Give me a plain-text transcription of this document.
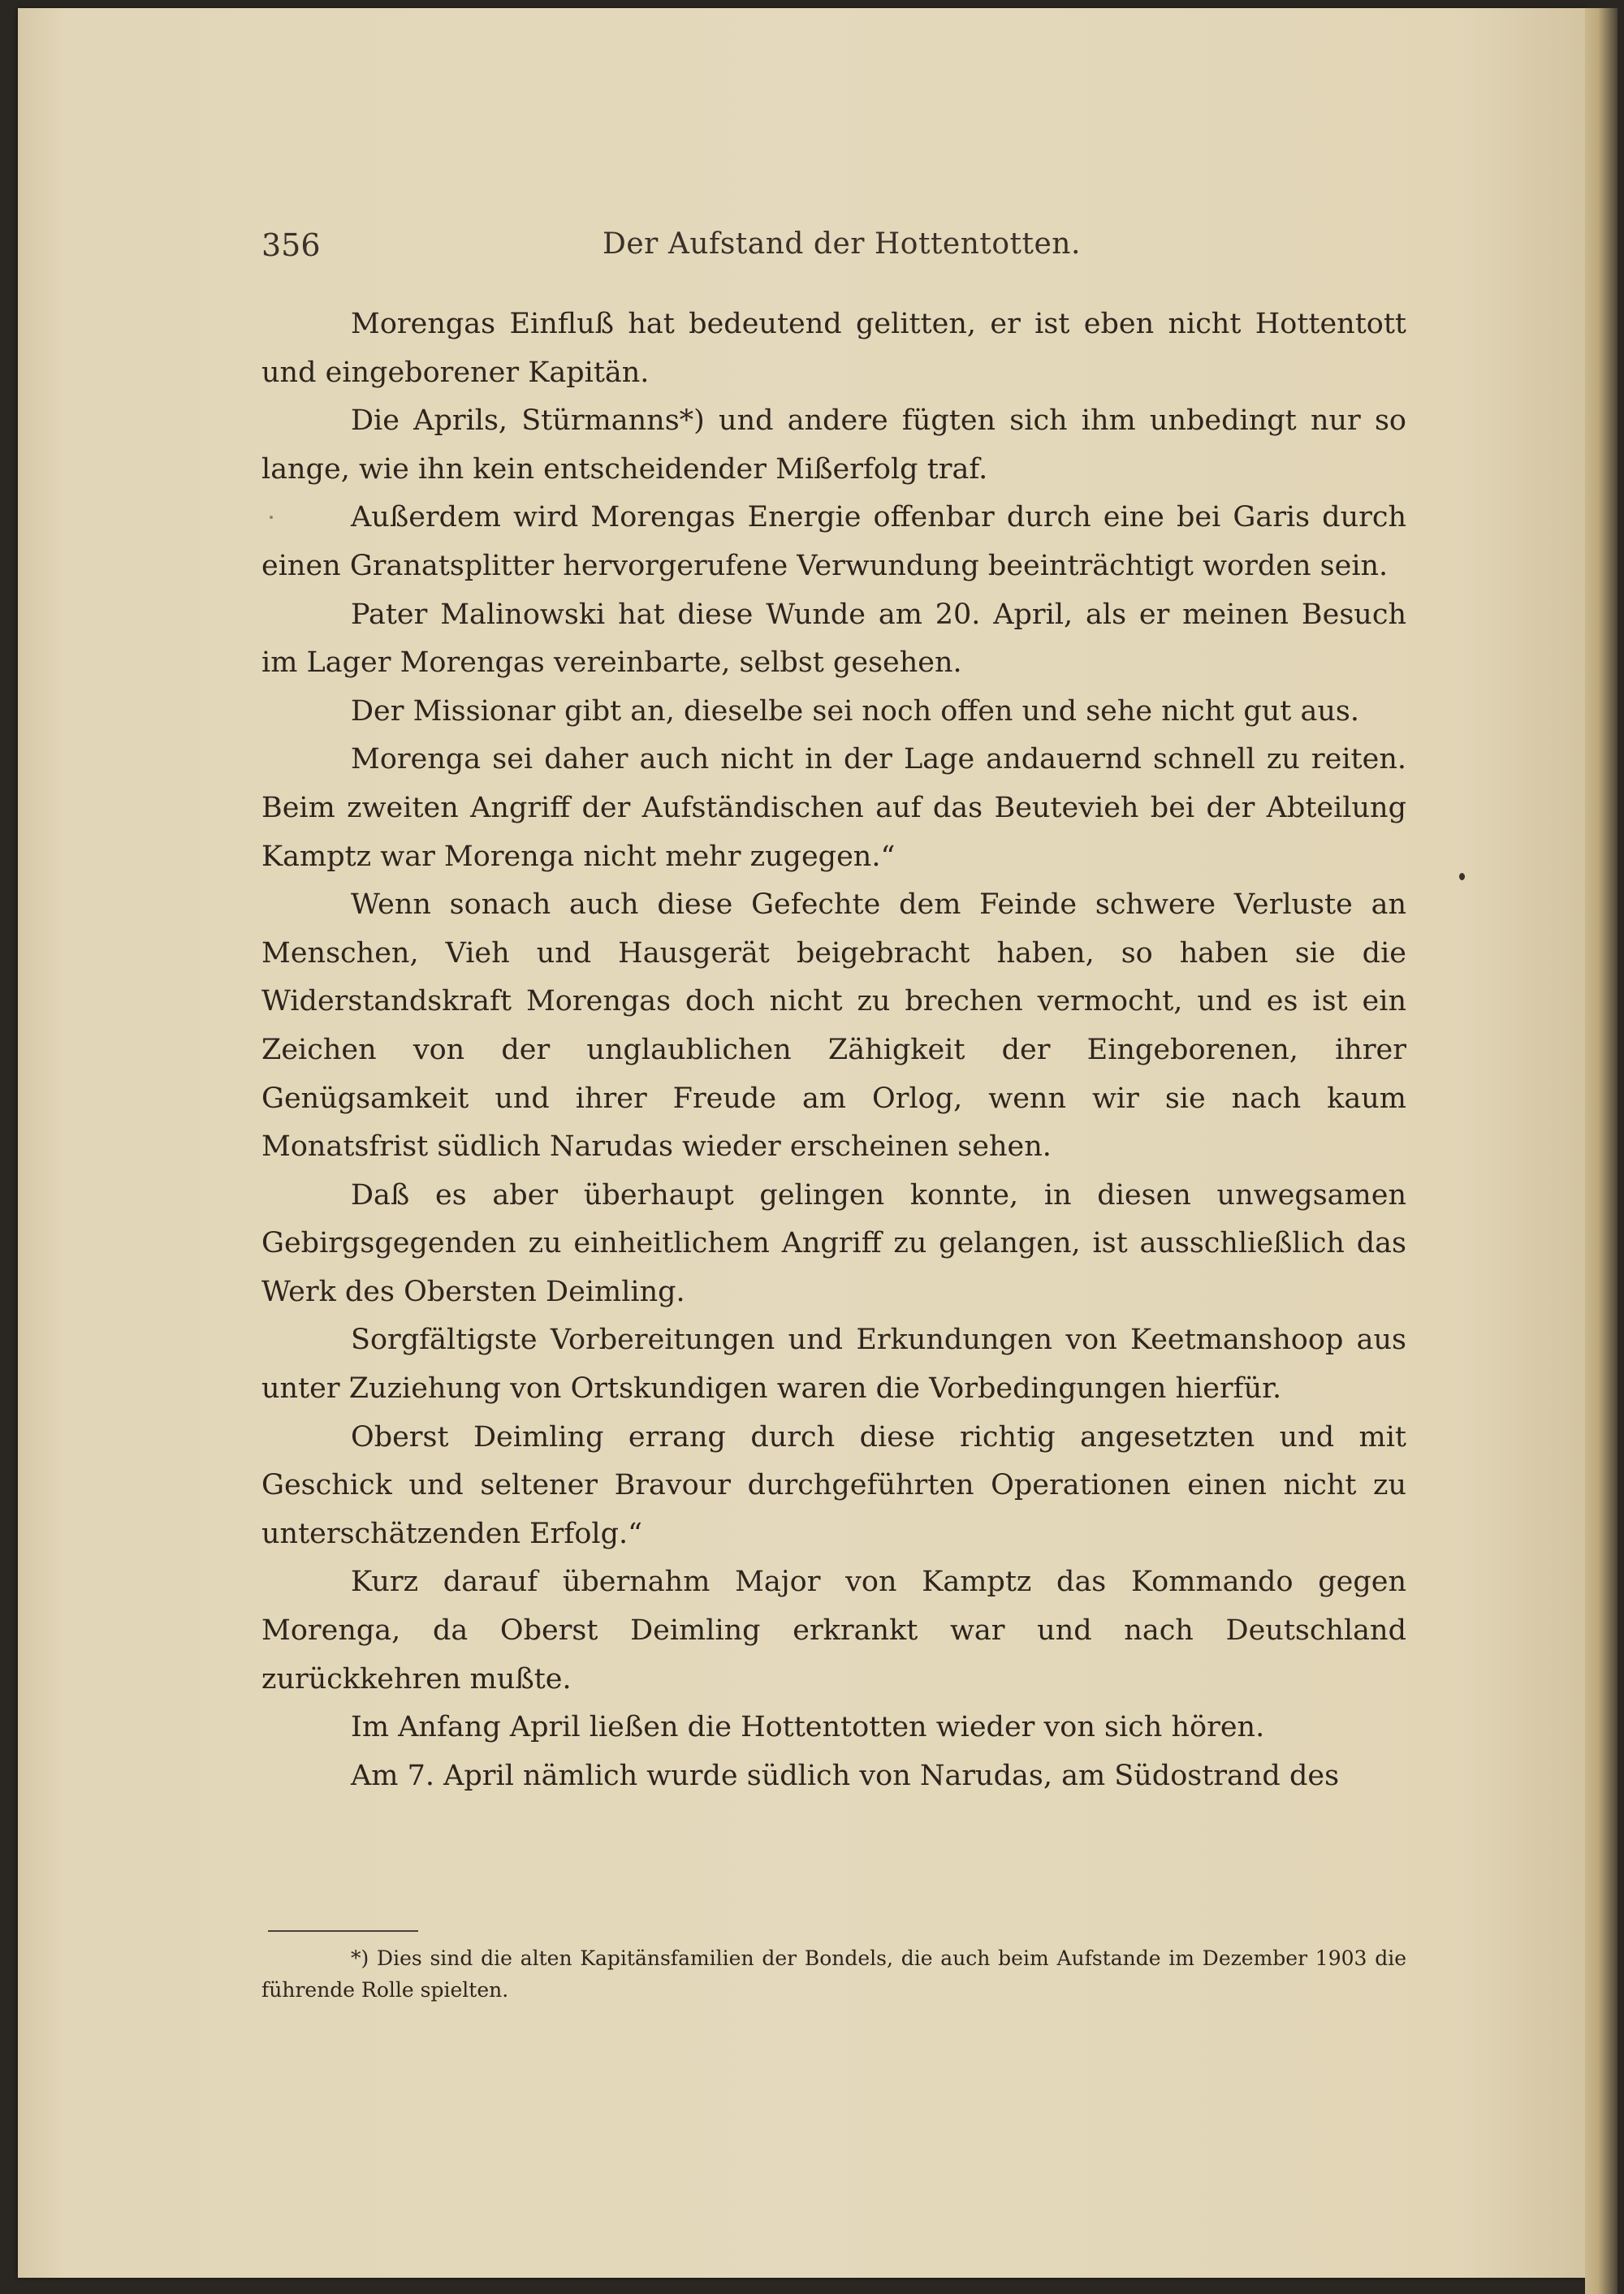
356	Der Aufstand der Hottentotten.

Morengas Einfluß hat bedeutend gelitten, er ist eben nicht Hottentott und eingeborener Kapitän.

Die Aprils, Stürmanns*) und andere fügten sich ihm unbedingt nur so lange, wie ihn kein entscheidender Mißerfolg traf.

Außerdem wird Morengas Energie offenbar durch eine bei Garis durch einen Granatsplitter hervorgerufene Verwundung beeinträchtigt worden sein.

Pater Malinowski hat diese Wunde am 20. April, als er meinen Besuch im Lager Morengas vereinbarte, selbst gesehen.

Der Missionar gibt an, dieselbe sei noch offen und sehe nicht gut aus.

Morenga sei daher auch nicht in der Lage andauernd schnell zu reiten. Beim zweiten Angriff der Aufständischen auf das Beutevieh bei der Abteilung Kamptz war Morenga nicht mehr zugegen.“

Wenn sonach auch diese Gefechte dem Feinde schwere Verluste an Menschen, Vieh und Hausgerät beigebracht haben, so haben sie die Widerstandskraft Morengas doch nicht zu brechen vermocht, und es ist ein Zeichen von der unglaublichen Zähigkeit der Eingeborenen, ihrer Genügsamkeit und ihrer Freude am Orlog, wenn wir sie nach kaum Monatsfrist südlich Narudas wieder erscheinen sehen.

Daß es aber überhaupt gelingen konnte, in diesen unwegsamen Gebirgsgegenden zu einheitlichem Angriff zu gelangen, ist ausschließlich das Werk des Obersten Deimling.

Sorgfältigste Vorbereitungen und Erkundungen von Keetmanshoop aus unter Zuziehung von Ortskundigen waren die Vorbedingungen hierfür.

Oberst Deimling errang durch diese richtig angesetzten und mit Geschick und seltener Bravour durchgeführten Operationen einen nicht zu unterschätzenden Erfolg.“

Kurz darauf übernahm Major von Kamptz das Kommando gegen Morenga, da Oberst Deimling erkrankt war und nach Deutschland zurückkehren mußte.

Im Anfang April ließen die Hottentotten wieder von sich hören.

Am 7. April nämlich wurde südlich von Narudas, am Südostrand des

*) Dies sind die alten Kapitänsfamilien der Bondels, die auch beim Aufstande im Dezember 1903 die führende Rolle spielten.
